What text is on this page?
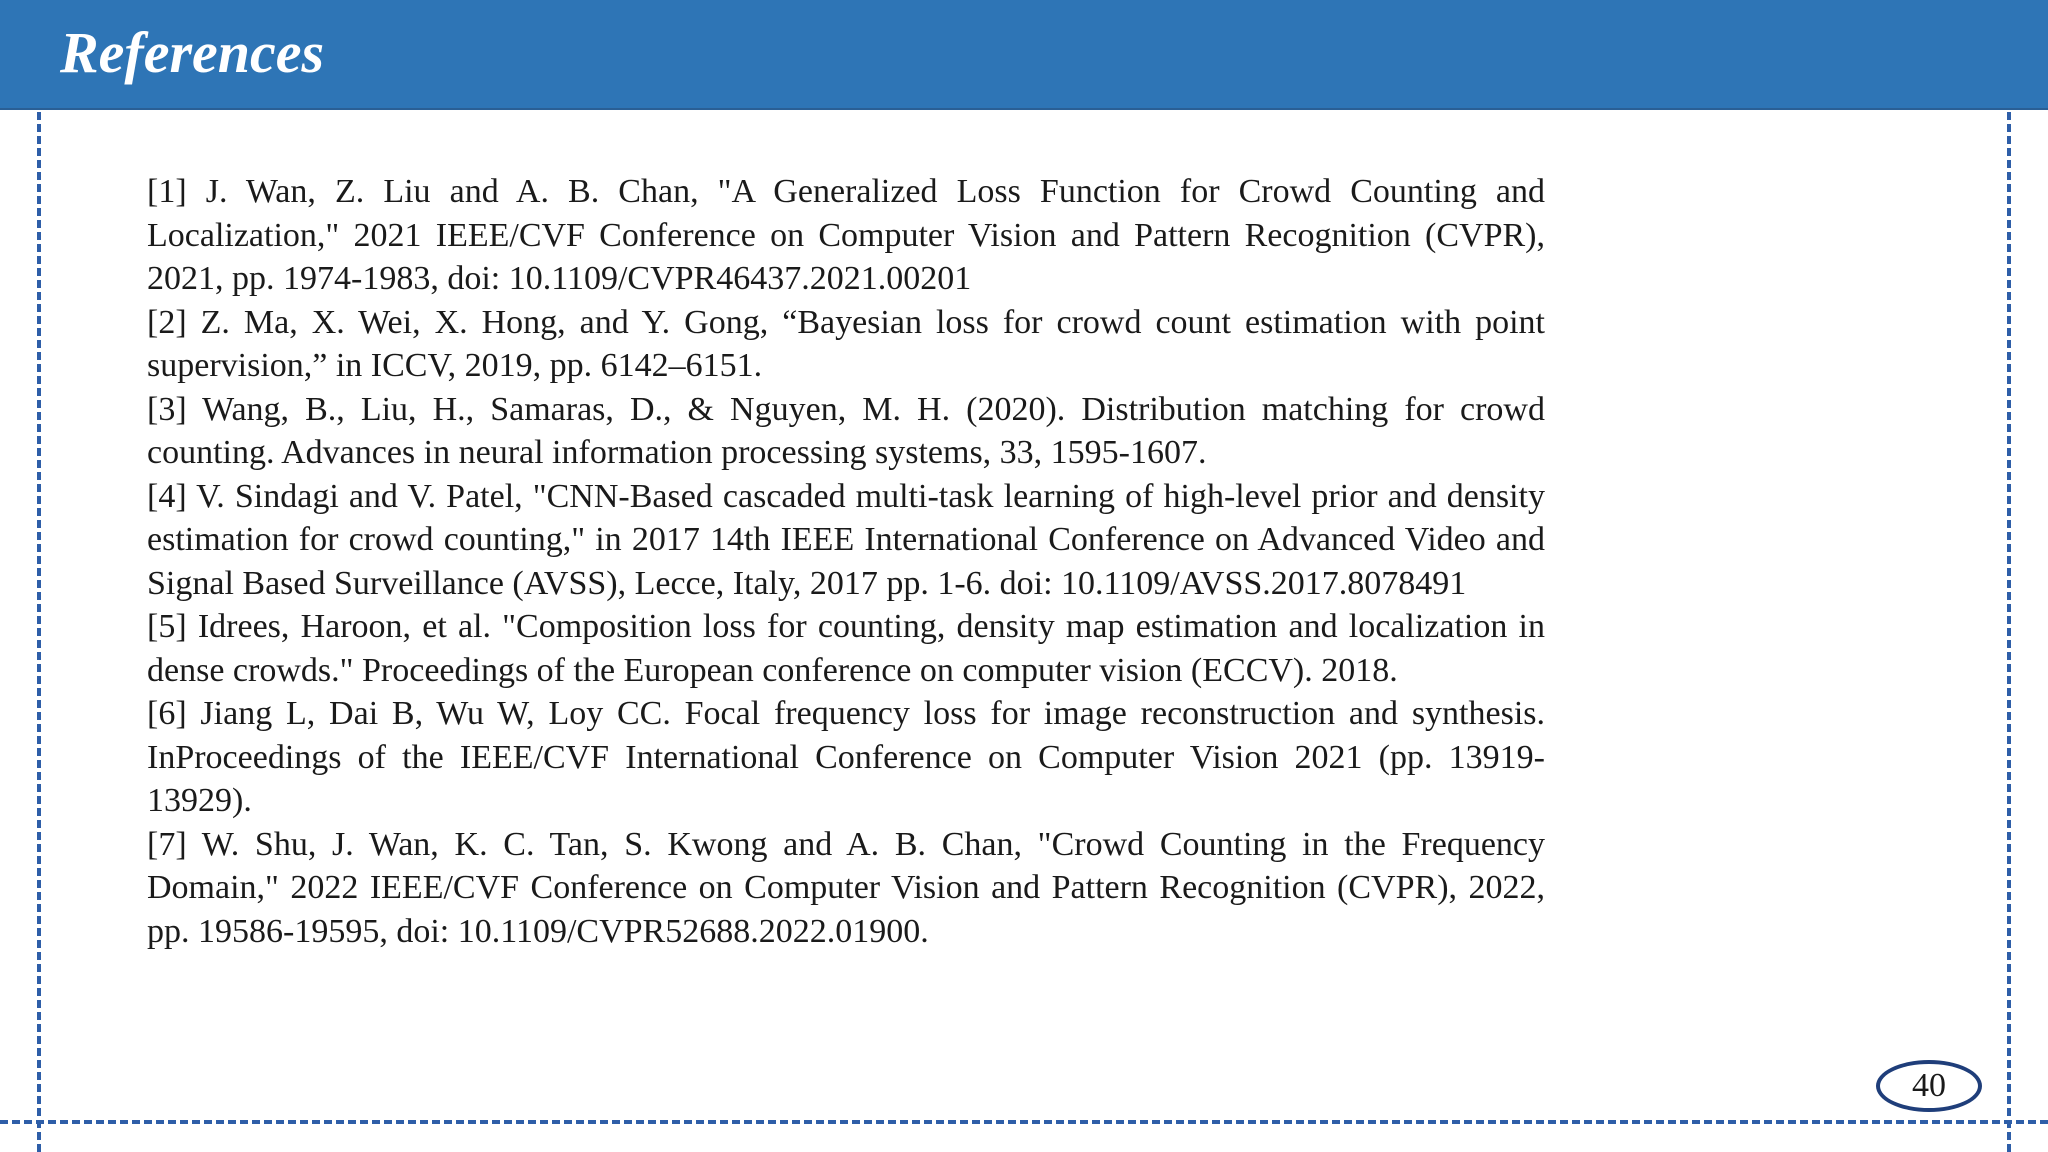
References

[1] J. Wan, Z. Liu and A. B. Chan, "A Generalized Loss Function for Crowd Counting and Localization," 2021 IEEE/CVF Conference on Computer Vision and Pattern Recognition (CVPR), 2021, pp. 1974-1983, doi: 10.1109/CVPR46437.2021.00201

[2] Z. Ma, X. Wei, X. Hong, and Y. Gong, “Bayesian loss for crowd count estimation with point supervision,” in ICCV, 2019, pp. 6142–6151.

[3] Wang, B., Liu, H., Samaras, D., & Nguyen, M. H. (2020). Distribution matching for crowd counting. Advances in neural information processing systems, 33, 1595-1607.

[4] V. Sindagi and V. Patel, "CNN-Based cascaded multi-task learning of high-level prior and density estimation for crowd counting," in 2017 14th IEEE International Conference on Advanced Video and Signal Based Surveillance (AVSS), Lecce, Italy, 2017 pp. 1-6. doi: 10.1109/AVSS.2017.8078491

[5] Idrees, Haroon, et al. "Composition loss for counting, density map estimation and localization in dense crowds." Proceedings of the European conference on computer vision (ECCV). 2018.

[6] Jiang L, Dai B, Wu W, Loy CC. Focal frequency loss for image reconstruction and synthesis. InProceedings of the IEEE/CVF International Conference on Computer Vision 2021 (pp. 13919-13929).

[7] W. Shu, J. Wan, K. C. Tan, S. Kwong and A. B. Chan, "Crowd Counting in the Frequency Domain," 2022 IEEE/CVF Conference on Computer Vision and Pattern Recognition (CVPR), 2022, pp. 19586-19595, doi: 10.1109/CVPR52688.2022.01900.

40
